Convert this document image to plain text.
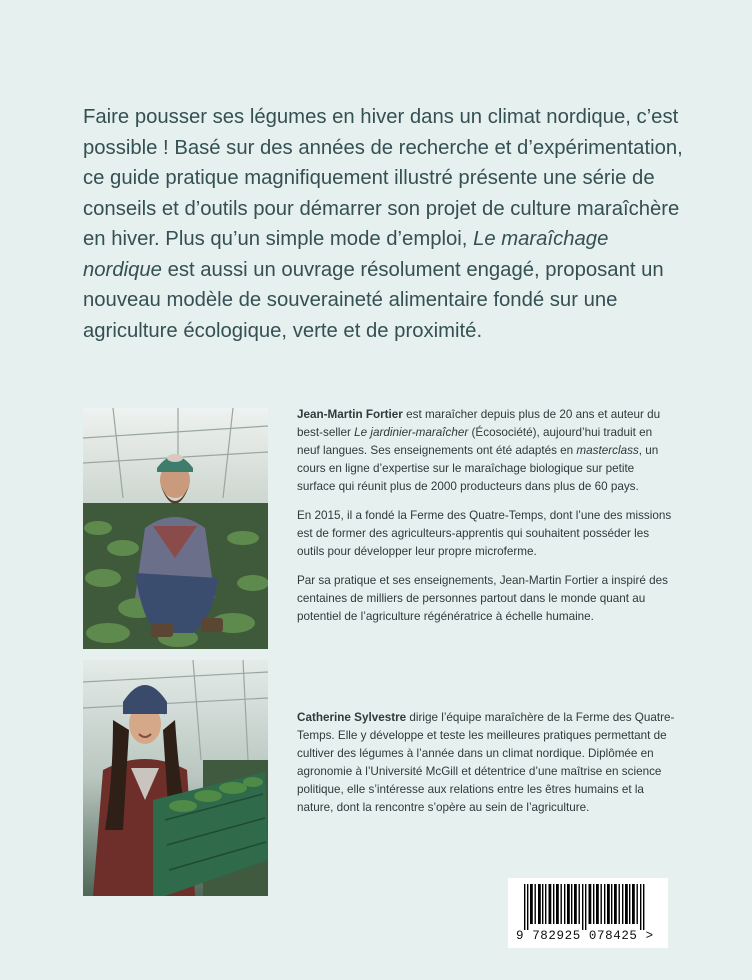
Faire pousser ses légumes en hiver dans un climat nordique, c’est possible ! Basé sur des années de recherche et d’expérimentation, ce guide pratique magnifiquement illustré présente une série de conseils et d’outils pour démarrer son projet de culture maraîchère en hiver. Plus qu’un simple mode d’emploi, Le maraîchage nordique est aussi un ouvrage résolument engagé, proposant un nouveau modèle de souveraineté alimentaire fondé sur une agriculture écologique, verte et de proximité.

Jean-Martin Fortier est maraîcher depuis plus de 20 ans et auteur du best-seller Le jardinier-maraîcher (Écosociété), aujourd’hui traduit en neuf langues. Ses enseignements ont été adaptés en masterclass, un cours en ligne d’expertise sur le maraîchage biologique sur petite surface qui réunit plus de 2000 producteurs dans plus de 60 pays.

En 2015, il a fondé la Ferme des Quatre-Temps, dont l’une des missions est de former des agriculteurs-apprentis qui souhaitent posséder les outils pour développer leur propre microferme.

Par sa pratique et ses enseignements, Jean-Martin Fortier a inspiré des centaines de milliers de personnes partout dans le monde quant au potentiel de l’agriculture régénératrice à échelle humaine.

Catherine Sylvestre dirige l’équipe maraîchère de la Ferme des Quatre-Temps. Elle y développe et teste les meilleures pratiques permettant de cultiver des légumes à l’année dans un climat nordique. Diplômée en agronomie à l’Université McGill et détentrice d’une maîtrise en science politique, elle s’intéresse aux relations entre les êtres humains et la nature, dont la rencontre s’opère au sein de l’agriculture.

9 782925 078425 >
